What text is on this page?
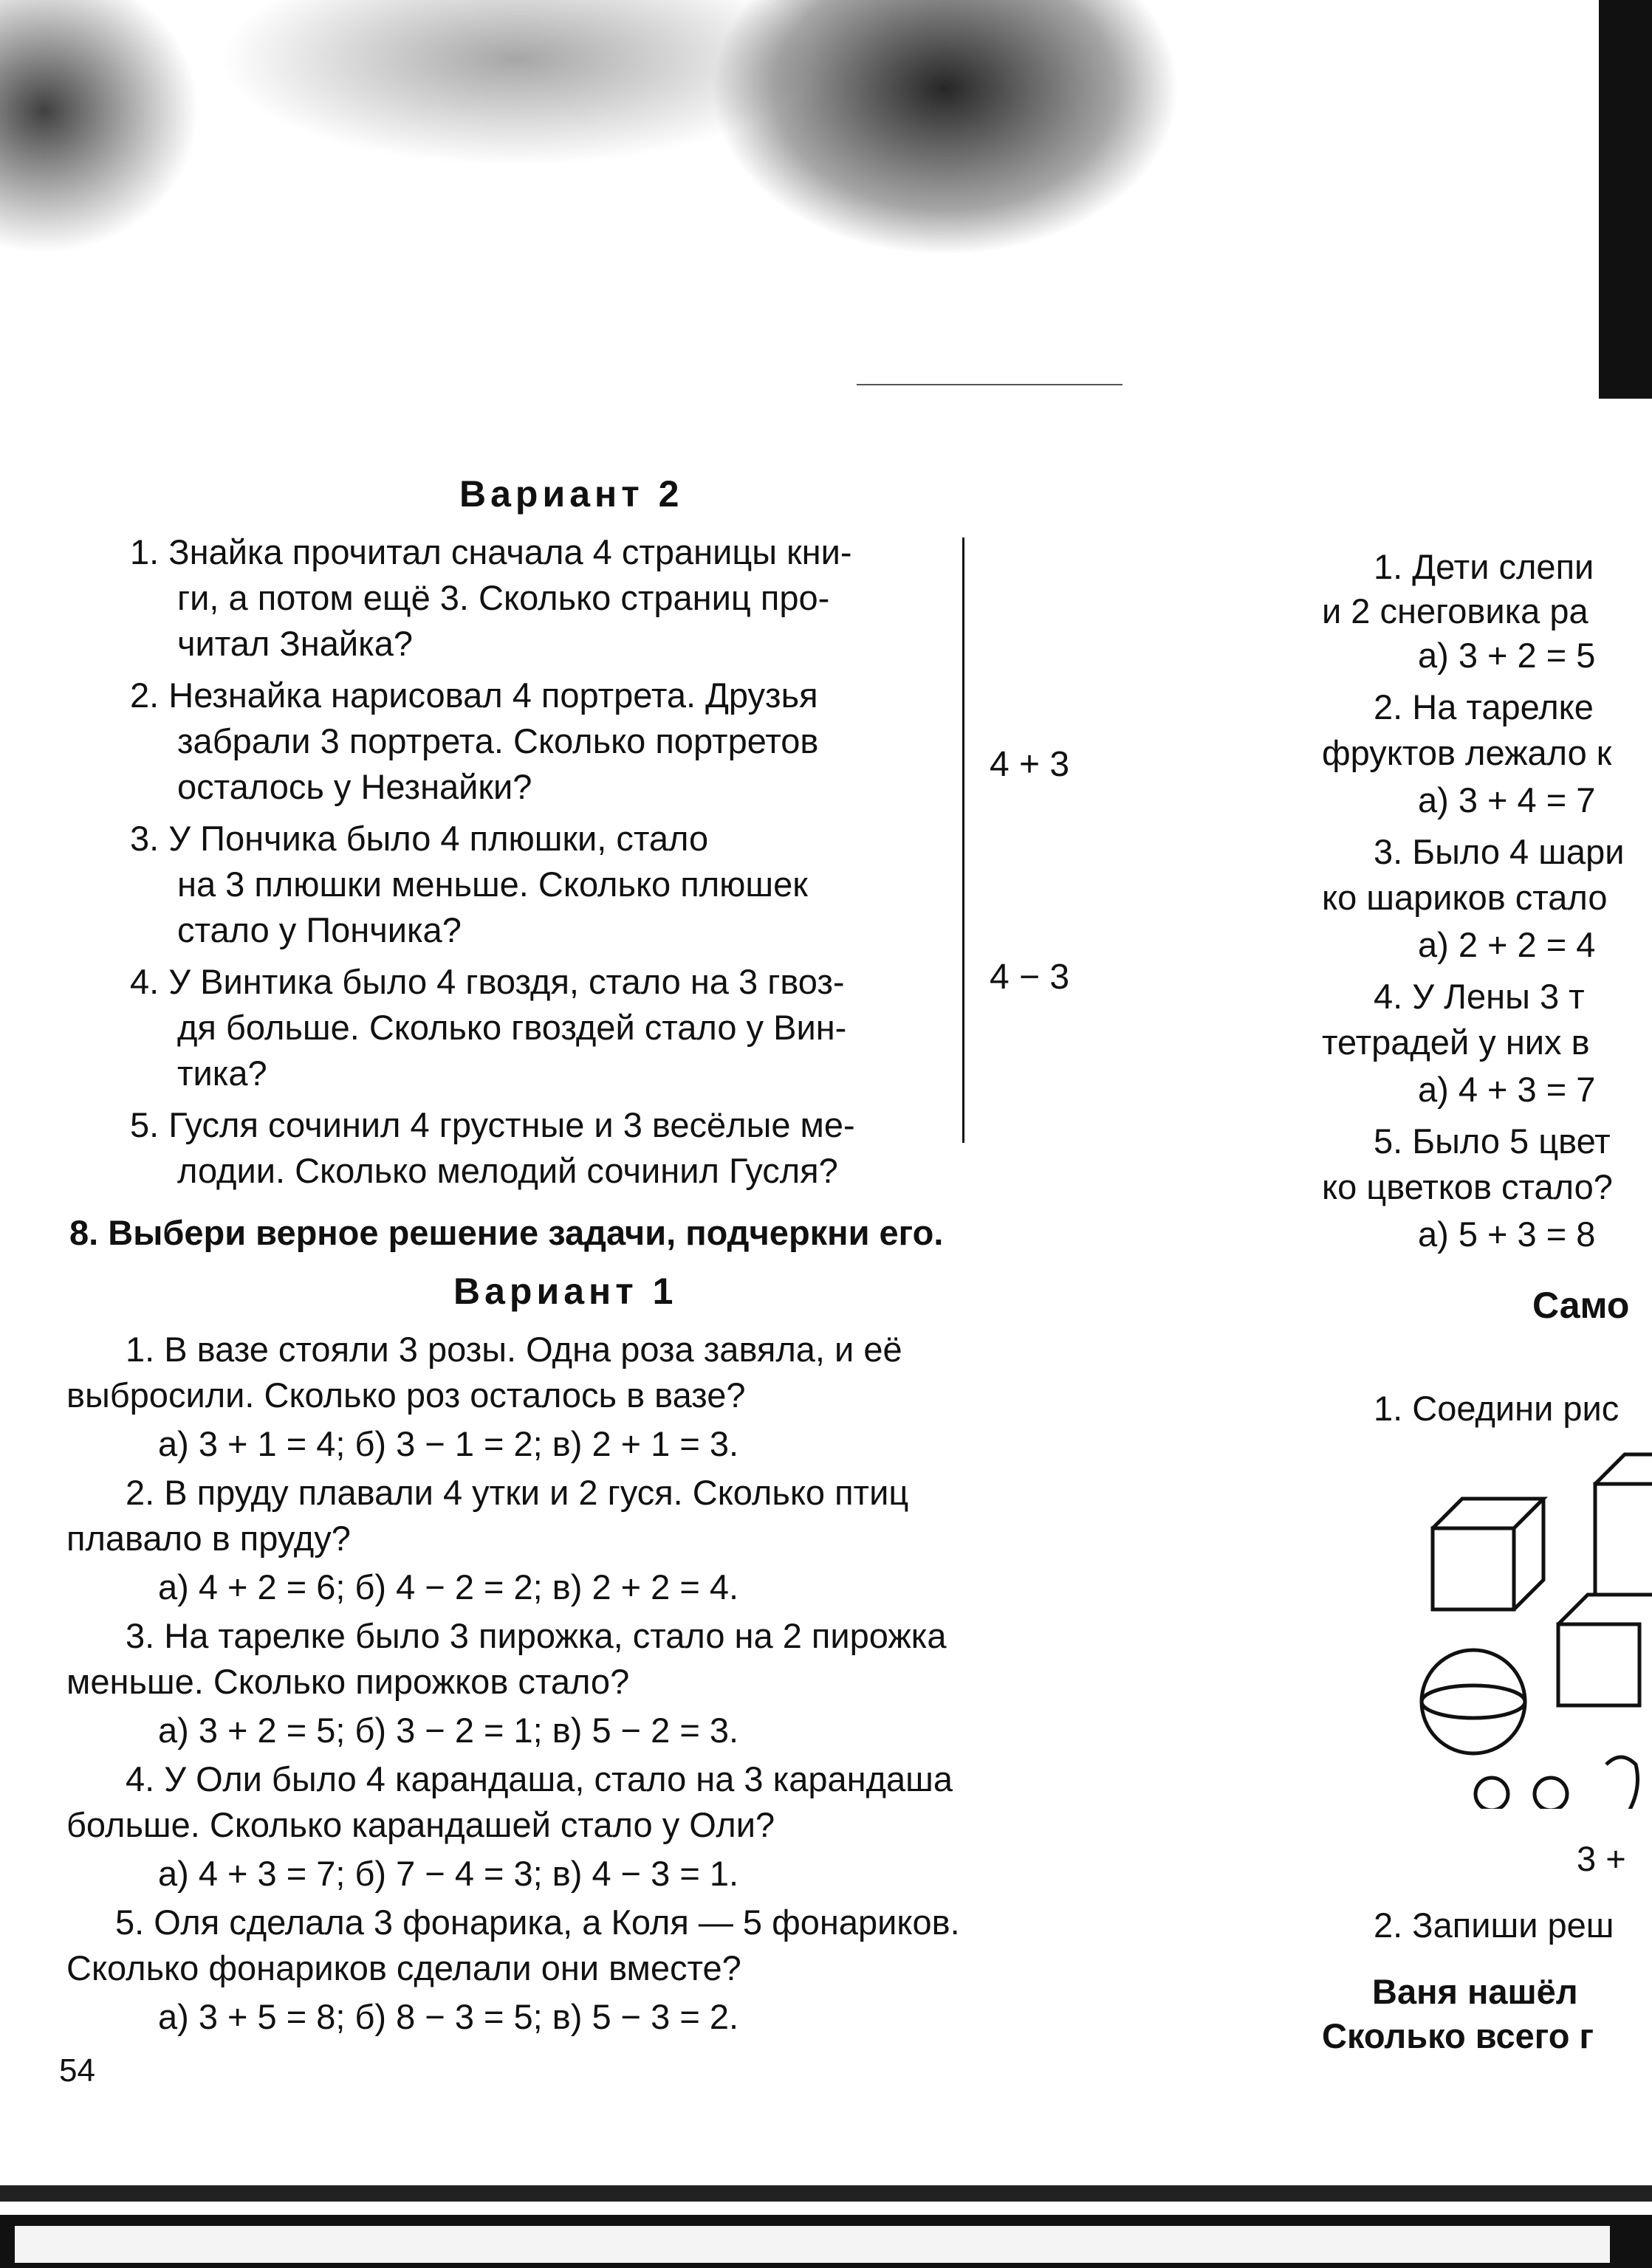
Вариант 2
1. Знайка прочитал сначала 4 страницы кни-
ги, а потом ещё 3. Сколько страниц про-
читал Знайка?
2. Незнайка нарисовал 4 портрета. Друзья
забрали 3 портрета. Сколько портретов
осталось у Незнайки?
3. У Пончика было 4 плюшки, стало
на 3 плюшки меньше. Сколько плюшек
стало у Пончика?
4. У Винтика было 4 гвоздя, стало на 3 гвоз-
дя больше. Сколько гвоздей стало у Вин-
тика?
5. Гусля сочинил 4 грустные и 3 весёлые ме-
лодии. Сколько мелодий сочинил Гусля?
4 + 3
4 − 3
8. Выбери верное решение задачи, подчеркни его.
Вариант 1
1. В вазе стояли 3 розы. Одна роза завяла, и её
выбросили. Сколько роз осталось в вазе?
а) 3 + 1 = 4; б) 3 − 1 = 2; в) 2 + 1 = 3.
2. В пруду плавали 4 утки и 2 гуся. Сколько птиц
плавало в пруду?
а) 4 + 2 = 6; б) 4 − 2 = 2; в) 2 + 2 = 4.
3. На тарелке было 3 пирожка, стало на 2 пирожка
меньше. Сколько пирожков стало?
а) 3 + 2 = 5; б) 3 − 2 = 1; в) 5 − 2 = 3.
4. У Оли было 4 карандаша, стало на 3 карандаша
больше. Сколько карандашей стало у Оли?
а) 4 + 3 = 7; б) 7 − 4 = 3; в) 4 − 3 = 1.
5. Оля сделала 3 фонарика, а Коля — 5 фонариков.
Сколько фонариков сделали они вместе?
а) 3 + 5 = 8; б) 8 − 3 = 5; в) 5 − 3 = 2.
54
1. Дети слепи
и 2 снеговика ра
а) 3 + 2 = 5
2. На тарелке
фруктов лежало к
а) 3 + 4 = 7
3. Было 4 шари
ко шариков стало
а) 2 + 2 = 4
4. У Лены 3 т
тетрадей у них в
а) 4 + 3 = 7
5. Было 5 цвет
ко цветков стало?
а) 5 + 3 = 8
Само
1. Соедини рис
3 +
2. Запиши реш
Ваня нашёл
Сколько всего г
